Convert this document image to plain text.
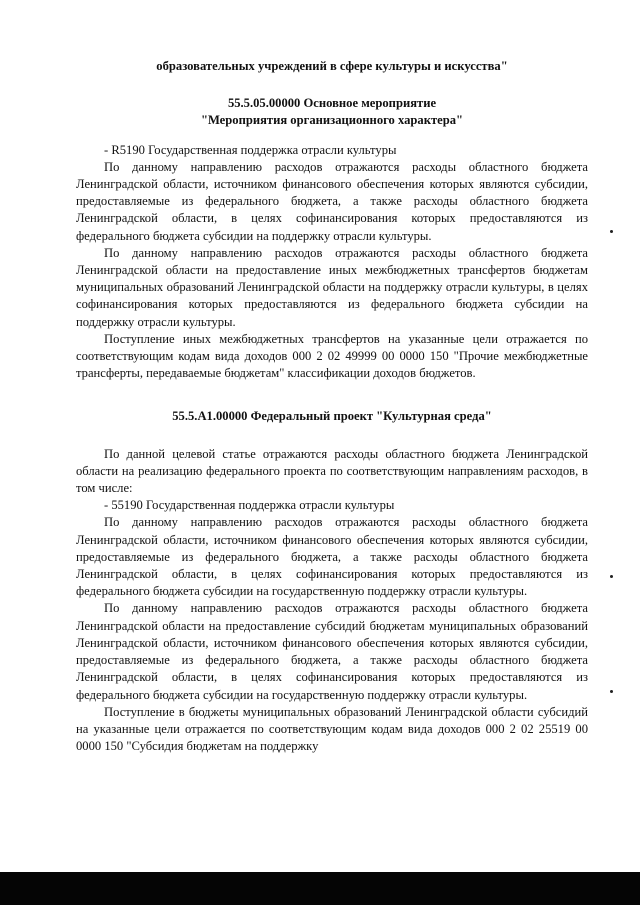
образовательных учреждений в сфере культуры и искусства"

55.5.05.00000 Основное мероприятие

"Мероприятия организационного характера"

- R5190 Государственная поддержка отрасли культуры

По данному направлению расходов отражаются расходы областного бюджета Ленинградской области, источником финансового обеспечения которых являются субсидии, предоставляемые из федерального бюджета, а также расходы областного бюджета Ленинградской области, в целях софинансирования которых предоставляются из федерального бюджета субсидии на поддержку отрасли культуры.

По данному направлению расходов отражаются расходы областного бюджета Ленинградской области на предоставление иных межбюджетных трансфертов бюджетам муниципальных образований Ленинградской области на поддержку отрасли культуры, в целях софинансирования которых предоставляются из федерального бюджета субсидии на поддержку отрасли культуры.

Поступление иных межбюджетных трансфертов на указанные цели отражается по соответствующим кодам вида доходов 000 2 02 49999 00 0000 150 "Прочие межбюджетные трансферты, передаваемые бюджетам" классификации доходов бюджетов.

55.5.А1.00000 Федеральный проект "Культурная среда"

По данной целевой статье отражаются расходы областного бюджета Ленинградской области на реализацию федерального проекта по соответствующим направлениям расходов, в том числе:

- 55190 Государственная поддержка отрасли культуры

По данному направлению расходов отражаются расходы областного бюджета Ленинградской области, источником финансового обеспечения которых являются субсидии, предоставляемые из федерального бюджета, а также расходы областного бюджета Ленинградской области, в целях софинансирования которых предоставляются из федерального бюджета субсидии на государственную поддержку отрасли культуры.

По данному направлению расходов отражаются расходы областного бюджета Ленинградской области на предоставление субсидий бюджетам муниципальных образований Ленинградской области, источником финансового обеспечения которых являются субсидии, предоставляемые из федерального бюджета, а также расходы областного бюджета Ленинградской области, в целях софинансирования которых предоставляются из федерального бюджета субсидии на государственную поддержку отрасли культуры.

Поступление в бюджеты муниципальных образований Ленинградской области субсидий на указанные цели отражается по соответствующим кодам вида доходов 000 2 02 25519 00 0000 150 "Субсидия бюджетам на поддержку
